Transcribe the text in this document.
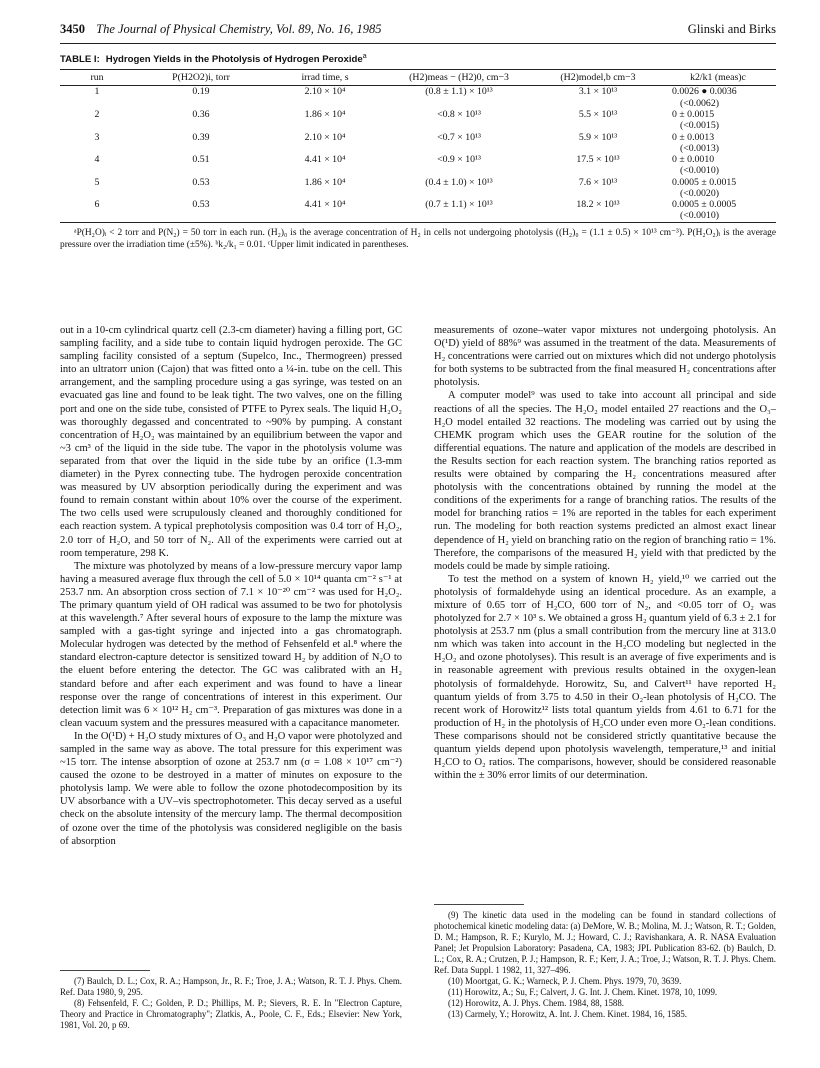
3450 The Journal of Physical Chemistry, Vol. 89, No. 16, 1985	Glinski and Birks
TABLE I: Hydrogen Yields in the Photolysis of Hydrogen Peroxide$^a$
run	P(H2O2)i, torr	irrad time, s	(H2)meas − (H2)0, cm−3	(H2)model,b cm−3	k2/k1 (meas)c
1	0.19	2.10 × 10⁴	(0.8 ± 1.1) × 10¹³	3.1 × 10¹³	0.0026 ● 0.0036
(<0.0062)

2	0.36	1.86 × 10⁴	<0.8 × 10¹³	5.5 × 10¹³	0 ± 0.0015
(<0.0015)

3	0.39	2.10 × 10⁴	<0.7 × 10¹³	5.9 × 10¹³	0 ± 0.0013
(<0.0013)

4	0.51	4.41 × 10⁴	<0.9 × 10¹³	17.5 × 10¹³	0 ± 0.0010
(<0.0010)

5	0.53	1.86 × 10⁴	(0.4 ± 1.0) × 10¹³	7.6 × 10¹³	0.0005 ± 0.0015
(<0.0020)

6	0.53	4.41 × 10⁴	(0.7 ± 1.1) × 10¹³	18.2 × 10¹³	0.0005 ± 0.0005
(<0.0010)
ᵃP(H₂O)ᵢ < 2 torr and P(N₂) = 50 torr in each run. (H₂)₀ is the average concentration of H₂ in cells not undergoing photolysis ((H₂)₀ = (1.1 ± 0.5) × 10¹³ cm⁻³). P(H₂O₂)ᵢ is the average pressure over the irradiation time (±5%). ᵇk₂/k₁ = 0.01. ᶜUpper limit indicated in parentheses.

out in a 10-cm cylindrical quartz cell (2.3-cm diameter) having a filling port, GC sampling facility, and a side tube to contain liquid hydrogen peroxide. The GC sampling facility consisted of a septum (Supelco, Inc., Thermogreen) pressed into an ultratorr union (Cajon) that was fitted onto a ¼-in. tube on the cell. This arrangement, and the sampling procedure using a gas syringe, was tested on an evacuated gas line and found to be leak tight. The two valves, one on the filling port and one on the side tube, consisted of PTFE to Pyrex seals. The liquid H₂O₂ was thoroughly degassed and concentrated to ~90% by pumping. A constant concentration of H₂O₂ was maintained by an equilibrium between the vapor and ~3 cm³ of the liquid in the side tube. The vapor in the photolysis volume was separated from that over the liquid in the side tube by an orifice (1.3-mm diameter) in the Pyrex connecting tube. The hydrogen peroxide concentration was measured by UV absorption periodically during the experiment and was found to remain constant within about 10% over the course of the experiment. The two cells used were scrupulously cleaned and thoroughly conditioned for each reaction system. A typical prephotolysis composition was 0.4 torr of H₂O₂, 2.0 torr of H₂O, and 50 torr of N₂. All of the experiments were carried out at room temperature, 298 K.

The mixture was photolyzed by means of a low-pressure mercury vapor lamp having a measured average flux through the cell of 5.0 × 10¹⁴ quanta cm⁻² s⁻¹ at 253.7 nm. An absorption cross section of 7.1 × 10⁻²⁰ cm⁻² was used for H₂O₂. The primary quantum yield of OH radical was assumed to be two for photolysis at this wavelength.⁷ After several hours of exposure to the lamp the mixture was sampled with a gas-tight syringe and injected into a gas chromatograph. Molecular hydrogen was detected by the method of Fehsenfeld et al.⁸ where the standard electron-capture detector is sensitized toward H₂ by addition of N₂O to the eluent before entering the detector. The GC was calibrated with an H₂ standard before and after each experiment and was found to have a linear response over the range of concentrations of interest in this experiment. Our detection limit was 6 × 10¹² H₂ cm⁻³. Preparation of gas mixtures was done in a clean vacuum system and the pressures measured with a capacitance manometer.

In the O(¹D) + H₂O study mixtures of O₃ and H₂O vapor were photolyzed and sampled in the same way as above. The total pressure for this experiment was ~15 torr. The intense absorption of ozone at 253.7 nm (σ = 1.08 × 10¹⁷ cm⁻²) caused the ozone to be destroyed in a matter of minutes on exposure to the photolysis lamp. We were able to follow the ozone photodecomposition by its UV absorbance with a UV–vis spectrophotometer. This decay served as a useful check on the absolute intensity of the mercury lamp. The thermal decomposition of ozone over the time of the photolysis was considered negligible on the basis of absorption

measurements of ozone–water vapor mixtures not undergoing photolysis. An O(¹D) yield of 88%⁹ was assumed in the treatment of the data. Measurements of H₂ concentrations were carried out on mixtures which did not undergo photolysis for both systems to be subtracted from the final measured H₂ concentrations after photolysis.

A computer model⁹ was used to take into account all principal and side reactions of all the species. The H₂O₂ model entailed 27 reactions and the O₃–H₂O model entailed 32 reactions. The modeling was carried out by using the CHEMK program which uses the GEAR routine for the solution of the differential equations. The nature and application of the models are described in the Results section for each reaction system. The branching ratios reported as results were obtained by comparing the H₂ concentrations measured after photolysis with the concentrations obtained by running the model at the conditions of the experiments for a range of branching ratios. The results of the model for branching ratios = 1% are reported in the tables for each experiment run. The modeling for both reaction systems predicted an almost exact linear dependence of H₂ yield on branching ratio on the region of branching ratio = 1%. Therefore, the comparisons of the measured H₂ yield with that predicted by the models could be made by simple ratioing.

To test the method on a system of known H₂ yield,¹⁰ we carried out the photolysis of formaldehyde using an identical procedure. As an example, a mixture of 0.65 torr of H₂CO, 600 torr of N₂, and <0.05 torr of O₂ was photolyzed for 2.7 × 10³ s. We obtained a gross H₂ quantum yield of 6.3 ± 2.1 for photolysis at 253.7 nm (plus a small contribution from the mercury line at 313.0 nm which was taken into account in the H₂CO modeling but neglected in the H₂O₂ and ozone photolyses). This result is an average of five experiments and is in reasonable agreement with previous results obtained in the oxygen-lean photolysis of formaldehyde. Horowitz, Su, and Calvert¹¹ have reported H₂ quantum yields of from 3.75 to 4.50 in their O₂-lean photolysis of H₂CO. The recent work of Horowitz¹² lists total quantum yields from 4.61 to 6.71 for the production of H₂ in the photolysis of H₂CO under even more O₂-lean conditions. These comparisons should not be considered strictly quantitative because the quantum yields depend upon photolysis wavelength, temperature,¹³ and initial H₂CO to O₂ ratios. The comparisons, however, should be considered reasonable within the ± 30% error limits of our determination.

(7) Baulch, D. L.; Cox, R. A.; Hampson, Jr., R. F.; Troe, J. A.; Watson, R. T. J. Phys. Chem. Ref. Data 1980, 9, 295.

(8) Fehsenfeld, F. C.; Golden, P. D.; Phillips, M. P.; Sievers, R. E. In "Electron Capture, Theory and Practice in Chromatography"; Zlatkis, A., Poole, C. F., Eds.; Elsevier: New York, 1981, Vol. 20, p 69.

(9) The kinetic data used in the modeling can be found in standard collections of photochemical kinetic modeling data: (a) DeMore, W. B.; Molina, M. J.; Watson, R. T.; Golden, D. M.; Hampson, R. F.; Kurylo, M. J.; Howard, C. J.; Ravishankara, A. R. NASA Evaluation Panel; Jet Propulsion Laboratory: Pasadena, CA, 1983; JPL Publication 83-62. (b) Baulch, D. L.; Cox, R. A.; Crutzen, P. J.; Hampson, R. F.; Kerr, J. A.; Troe, J.; Watson, R. T. J. Phys. Chem. Ref. Data Suppl. 1 1982, 11, 327–496.

(10) Moortgat, G. K.; Warneck, P. J. Chem. Phys. 1979, 70, 3639.

(11) Horowitz, A.; Su, F.; Calvert, J. G. Int. J. Chem. Kinet. 1978, 10, 1099.

(12) Horowitz, A. J. Phys. Chem. 1984, 88, 1588.

(13) Carmely, Y.; Horowitz, A. Int. J. Chem. Kinet. 1984, 16, 1585.
